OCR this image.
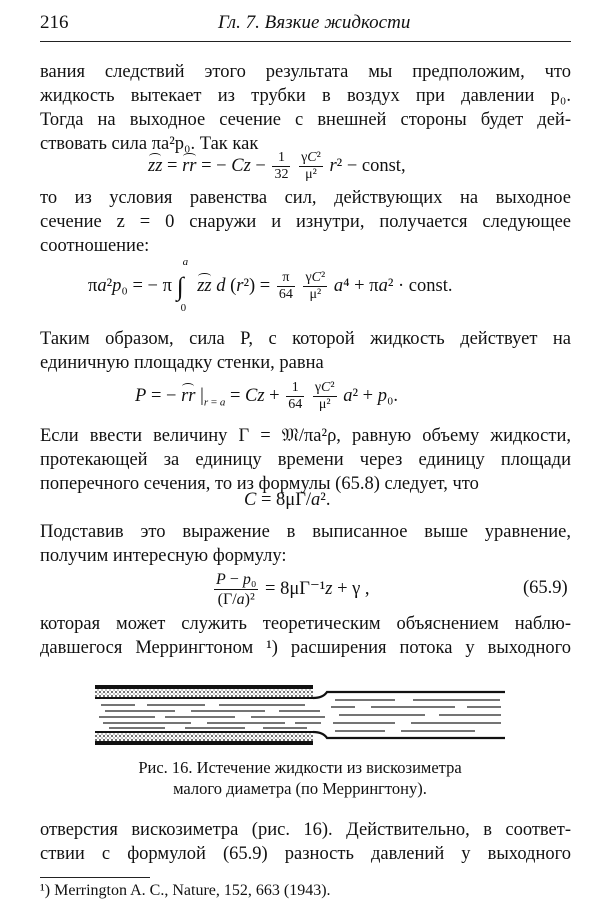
216	Гл. 7. Вязкие жидкости
вания следствий этого результата мы предположим, что
жидкость вытекает из трубки в воздух при давлении p₀.
Тогда на выходное сечение с внешней стороны будет дей-
ствовать сила πa²p₀. Так как
zz = rr = − $Cz - \frac{1}{32}$
$\frac{\text{γC²}}{\text{μ²}} r^2$ − const,
то из условия равенства сил, действующих на выходное
сечение z = 0 снаружи и изнутри, получается следующее
соотношение:
πa²p₀ = − π ∫
a
0
zz d $(r^2) = \frac{\pi}{64}$
$\frac{\text{γC²}}{\text{μ²}} a^4 + \pi a^2$ · const.
Таким образом, сила P, с которой жидкость действует на
единичную площадку стенки, равна
P = − rr $|_{r = a} = Cz + \frac{1}{64}$
$\frac{\text{γC²}}{\text{μ²}} a^2 + p_0$.
Если ввести величину Γ = 𝔐/πa²ρ, равную объему жидкости,
протекающей за единицу времени через единицу площади
поперечного сечения, то из формулы (65.8) следует, что
C = 8μΓ/a².
Подставив это выражение в выписанное выше уравнение,
получим интересную формулу:
$\frac{\text{P − p₀}}{\text{(Γ/a)²}} = 8\mu\Gamma^{-1}z + \gamma$ ,	(65.9)
которая может служить теоретическим объяснением наблю-
давшегося Меррингтоном ¹) расширения потока у выходного
Рис. 16. Истечение жидкости из вискозиметра
малого диаметра (по Меррингтону).
отверстия вискозиметра (рис. 16). Действительно, в соответ-
ствии с формулой (65.9) разность давлений у выходного
¹) Merrington A. C., Nature, 152, 663 (1943).
